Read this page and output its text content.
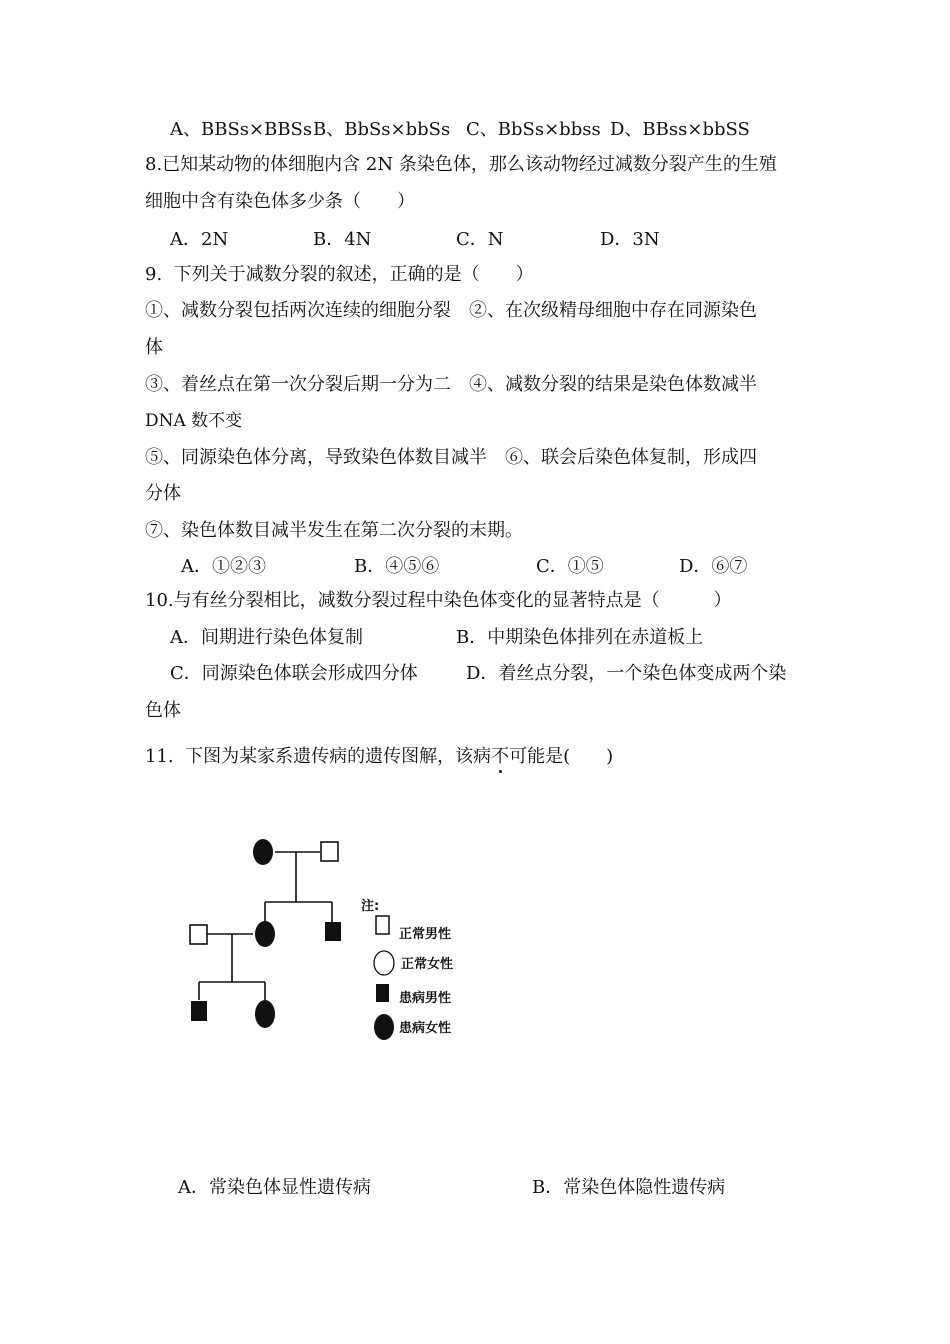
A、BBSs×BBSs B、BbSs×bbSs C、BbSs×bbss D、BBss×bbSS
8.已知某动物的体细胞内含 2N 条染色体，那么该动物经过减数分裂产生的生殖
细胞中含有染色体多少条（　　）
A．2N	B．4N	C．N	D．3N
9.  下列关于减数分裂的叙述，正确的是（　　）
①、减数分裂包括两次连续的细胞分裂　②、在次级精母细胞中存在同源染色
体
③、着丝点在第一次分裂后期一分为二　④、减数分裂的结果是染色体数减半
DNA 数不变
⑤、同源染色体分离，导致染色体数目减半　⑥、联会后染色体复制，形成四
分体
⑦、染色体数目减半发生在第二次分裂的末期。
A．①②③	B．④⑤⑥	C．①⑤	D．⑥⑦
10.与有丝分裂相比，减数分裂过程中染色体变化的显著特点是（　　　）
A．间期进行染色体复制	B．中期染色体排列在赤道板上
C．同源染色体联会形成四分体	D．着丝点分裂，一个染色体变成两个染
色体
11.  下图为某家系遗传病的遗传图解，该病不可能是(　　)
注:
正常男性
正常女性
患病男性
患病女性
A．常染色体显性遗传病	B．常染色体隐性遗传病
